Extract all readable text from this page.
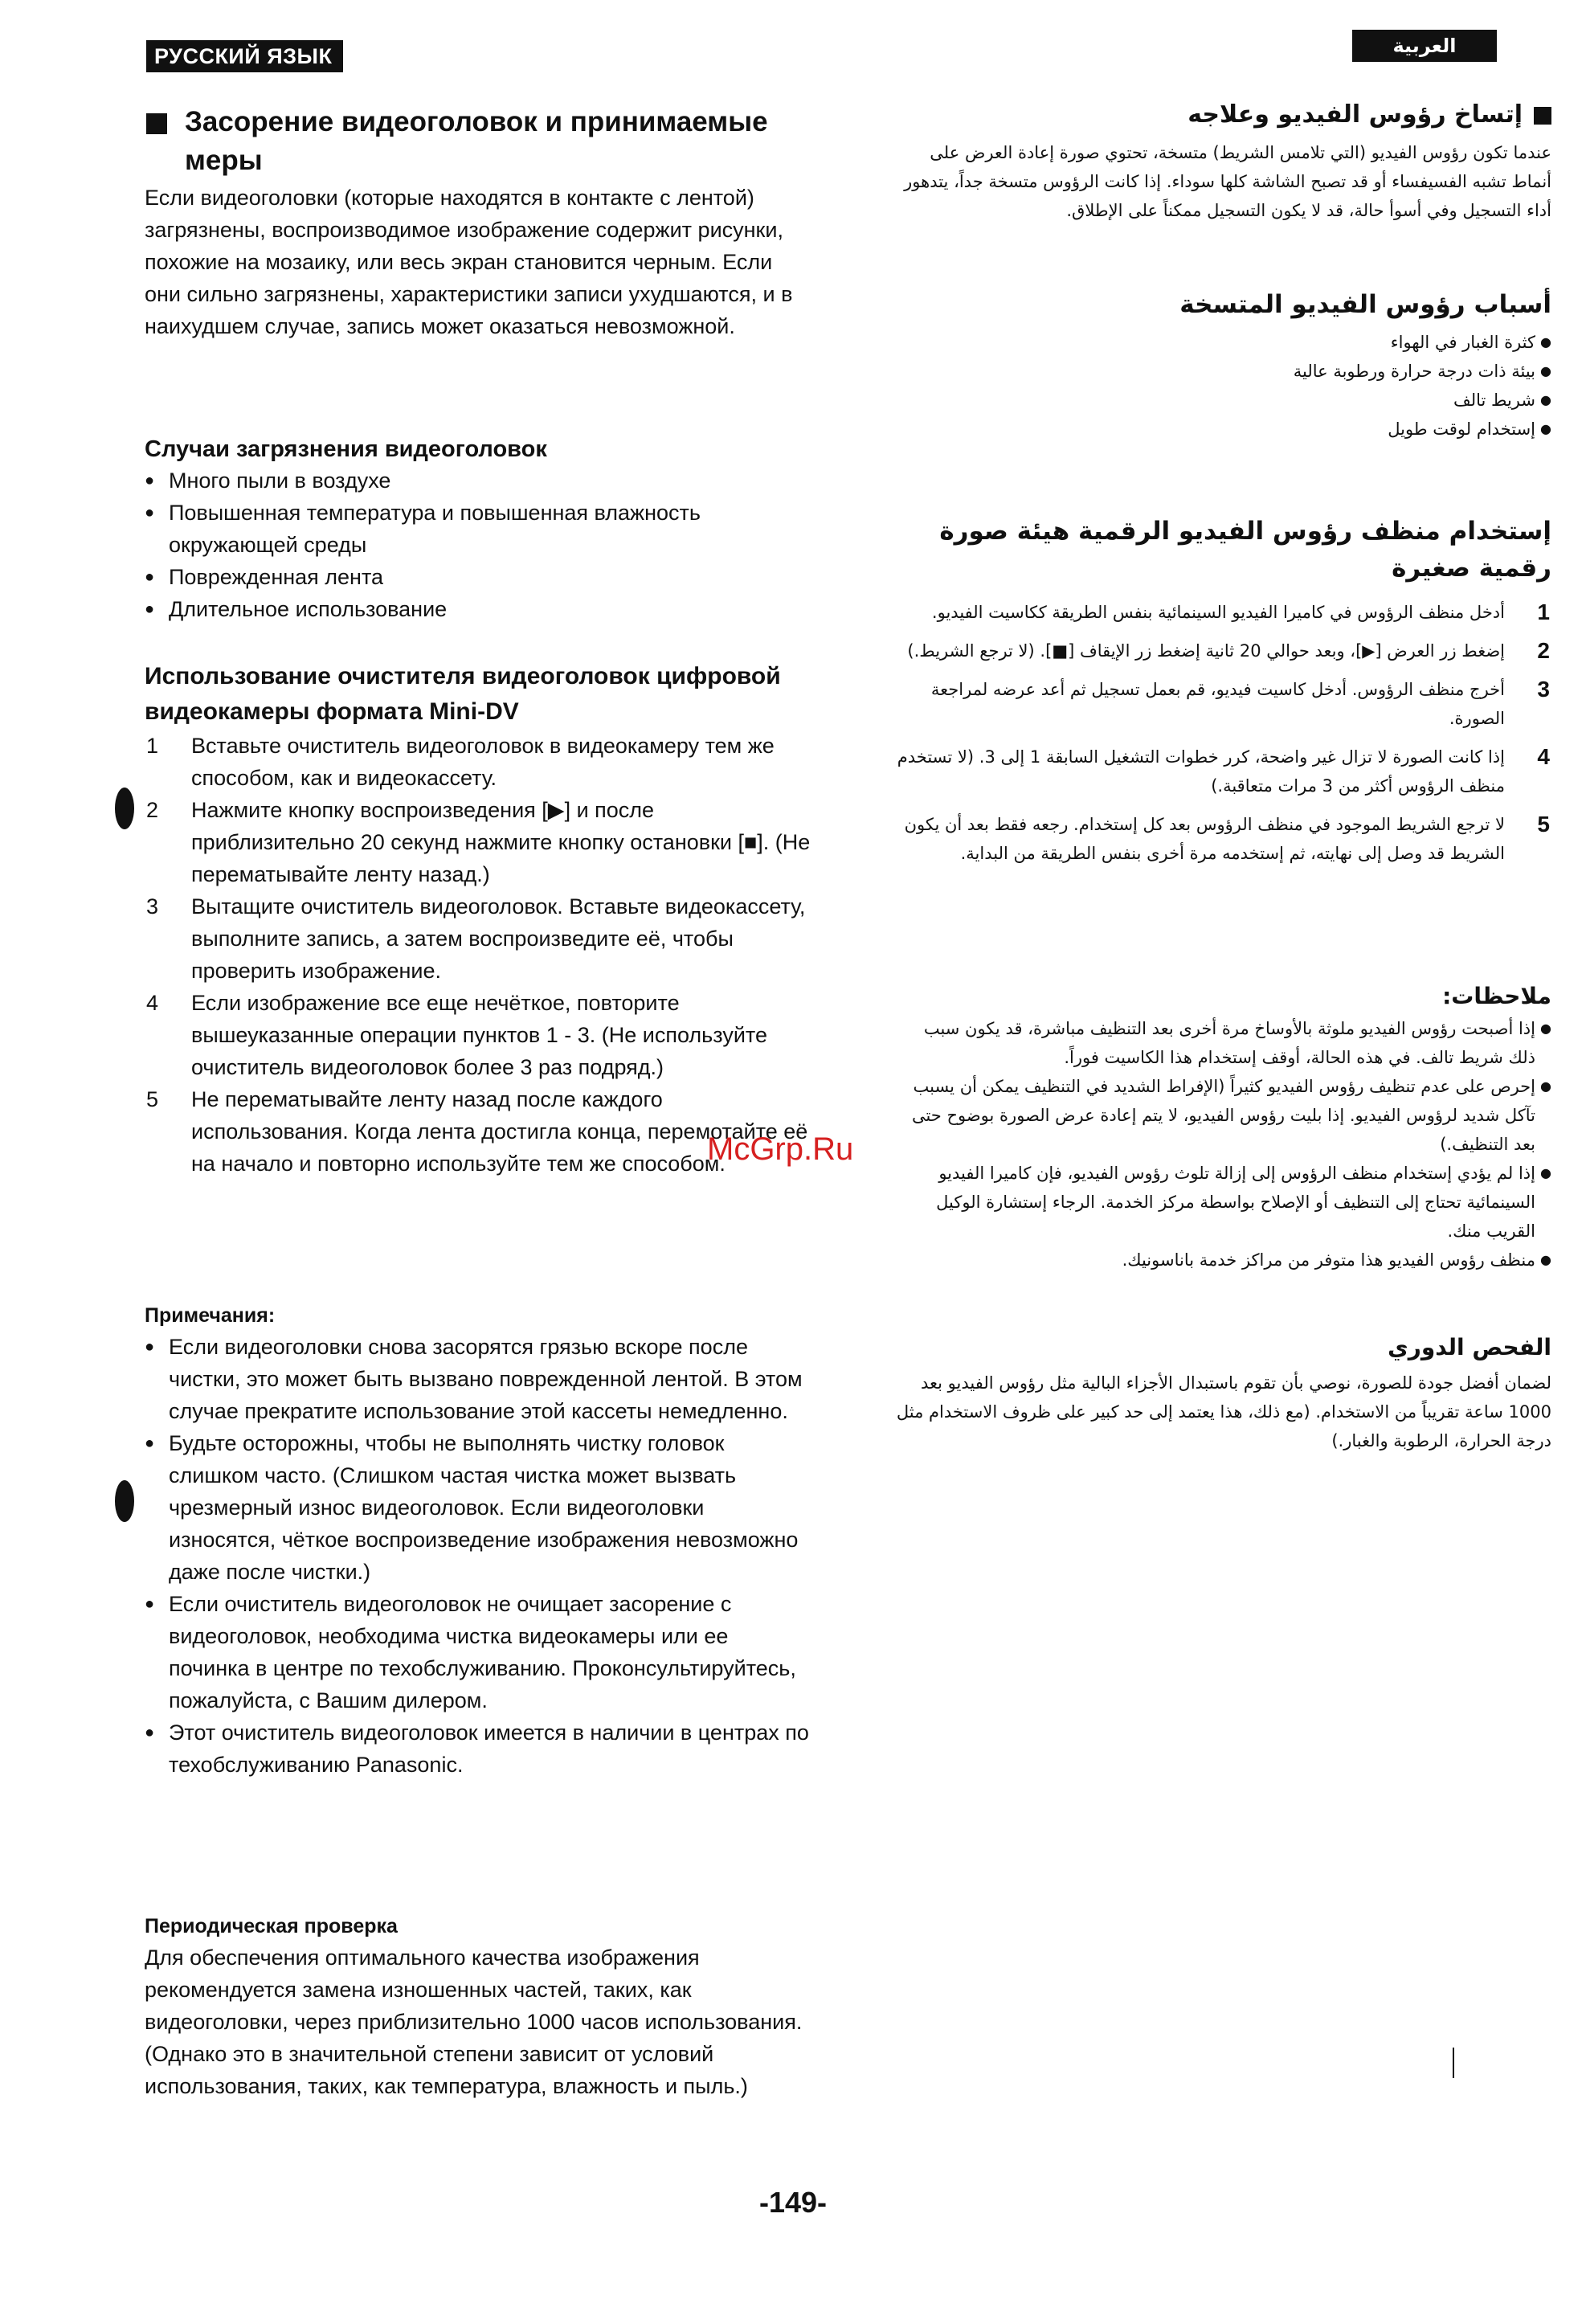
РУССКИЙ ЯЗЫК	العربية

Засорение видеоголовок и принимаемые меры

Если видеоголовки (которые находятся в контакте с лентой) загрязнены, воспроизводимое изображение содержит рисунки, похожие на мозаику, или весь экран становится черным. Если они сильно загрязнены, характеристики записи ухудшаются, и в наихудшем случае, запись может оказаться невозможной.

Случаи загрязнения видеоголовок

● Много пыли в воздухе
● Повышенная температура и повышенная влажность окружающей среды
● Поврежденная лента
● Длительное использование

Использование очистителя видеоголовок цифровой видеокамеры формата Mini-DV

1 Вставьте очиститель видеоголовок в видеокамеру тем же способом, как и видеокассету.
2 Нажмите кнопку воспроизведения [▶] и после приблизительно 20 секунд нажмите кнопку остановки [■]. (Не перематывайте ленту назад.)
3 Вытащите очиститель видеоголовок. Вставьте видеокассету, выполните запись, а затем воспроизведите её, чтобы проверить изображение.
4 Если изображение все еще нечёткое, повторите вышеуказанные операции пунктов 1 - 3. (Не используйте очиститель видеоголовок более 3 раз подряд.)
5 Не перематывайте ленту назад после каждого использования. Когда лента достигла конца, перемотайте её на начало и повторно используйте тем же способом.

Примечания:

● Если видеоголовки снова засорятся грязью вскоре после чистки, это может быть вызвано поврежденной лентой. В этом случае прекратите использование этой кассеты немедленно.
● Будьте осторожны, чтобы не выполнять чистку головок слишком часто. (Слишком частая чистка может вызвать чрезмерный износ видеоголовок. Если видеоголовки износятся, чёткое воспроизведение изображения невозможно даже после чистки.)
● Если очиститель видеоголовок не очищает засорение с видеоголовок, необходима чистка видеокамеры или ее починка в центре по техобслуживанию. Проконсультируйтесь, пожалуйста, с Вашим дилером.
● Этот очиститель видеоголовок имеется в наличии в центрах по техобслуживанию Panasonic.

Периодическая проверка

Для обеспечения оптимального качества изображения рекомендуется замена изношенных частей, таких, как видеоголовки, через приблизительно 1000 часов использования. (Однако это в значительной степени зависит от условий использования, таких, как температура, влажность и пыль.)

إتساخ رؤوس الفيديو وعلاجه

عندما تكون رؤوس الفيديو (التي تلامس الشريط) متسخة، تحتوي صورة إعادة العرض على أنماط تشبه الفسيفساء أو قد تصبح الشاشة كلها سوداء. إذا كانت الرؤوس متسخة جداً، يتدهور أداء التسجيل وفي أسوأ حالة، قد لا يكون التسجيل ممكناً على الإطلاق.

أسباب رؤوس الفيديو المتسخة

● كثرة الغبار في الهواء
● بيئة ذات درجة حرارة ورطوبة عالية
● شريط تالف
● إستخدام لوقت طويل

إستخدام منظف رؤوس الفيديو الرقمية هيئة صورة رقمية صغيرة

1
أدخل منظف الرؤوس في كاميرا الفيديو السينمائية بنفس الطريقة ككاسيت الفيديو.
2
إضغط زر العرض [▶]، وبعد حوالي 20 ثانية إضغط زر الإيقاف [■]. (لا ترجع الشريط.)
3
أخرج منظف الرؤوس. أدخل كاسيت فيديو، قم بعمل تسجيل ثم أعد عرضه لمراجعة الصورة.
4
إذا كانت الصورة لا تزال غير واضحة، كرر خطوات التشغيل السابقة 1 إلى 3. (لا تستخدم منظف الرؤوس أكثر من 3 مرات متعاقبة.)
5
لا ترجع الشريط الموجود في منظف الرؤوس بعد كل إستخدام. رجعه فقط بعد أن يكون الشريط قد وصل إلى نهايته، ثم إستخدمه مرة أخرى بنفس الطريقة من البداية.

ملاحظات:

● إذا أصبحت رؤوس الفيديو ملوثة بالأوساخ مرة أخرى بعد التنظيف مباشرة، قد يكون سبب ذلك شريط تالف. في هذه الحالة، أوقف إستخدام هذا الكاسيت فوراً.
● إحرص على عدم تنظيف رؤوس الفيديو كثيراً (الإفراط الشديد في التنظيف يمكن أن يسبب تآكل شديد لرؤوس الفيديو. إذا بليت رؤوس الفيديو، لا يتم إعادة عرض الصورة بوضوح حتى بعد التنظيف.)
● إذا لم يؤدي إستخدام منظف الرؤوس إلى إزالة تلوث رؤوس الفيديو، فإن كاميرا الفيديو السينمائية تحتاج إلى التنظيف أو الإصلاح بواسطة مركز الخدمة. الرجاء إستشارة الوكيل القريب منك.
● منظف رؤوس الفيديو هذا متوفر من مراكز خدمة باناسونيك.

الفحص الدوري

لضمان أفضل جودة للصورة، نوصي بأن تقوم باستبدال الأجزاء البالية مثل رؤوس الفيديو بعد 1000 ساعة تقريباً من الاستخدام. (مع ذلك، هذا يعتمد إلى حد كبير على ظروف الاستخدام مثل درجة الحرارة، الرطوبة والغبار.)

McGrp.Ru
-149-
